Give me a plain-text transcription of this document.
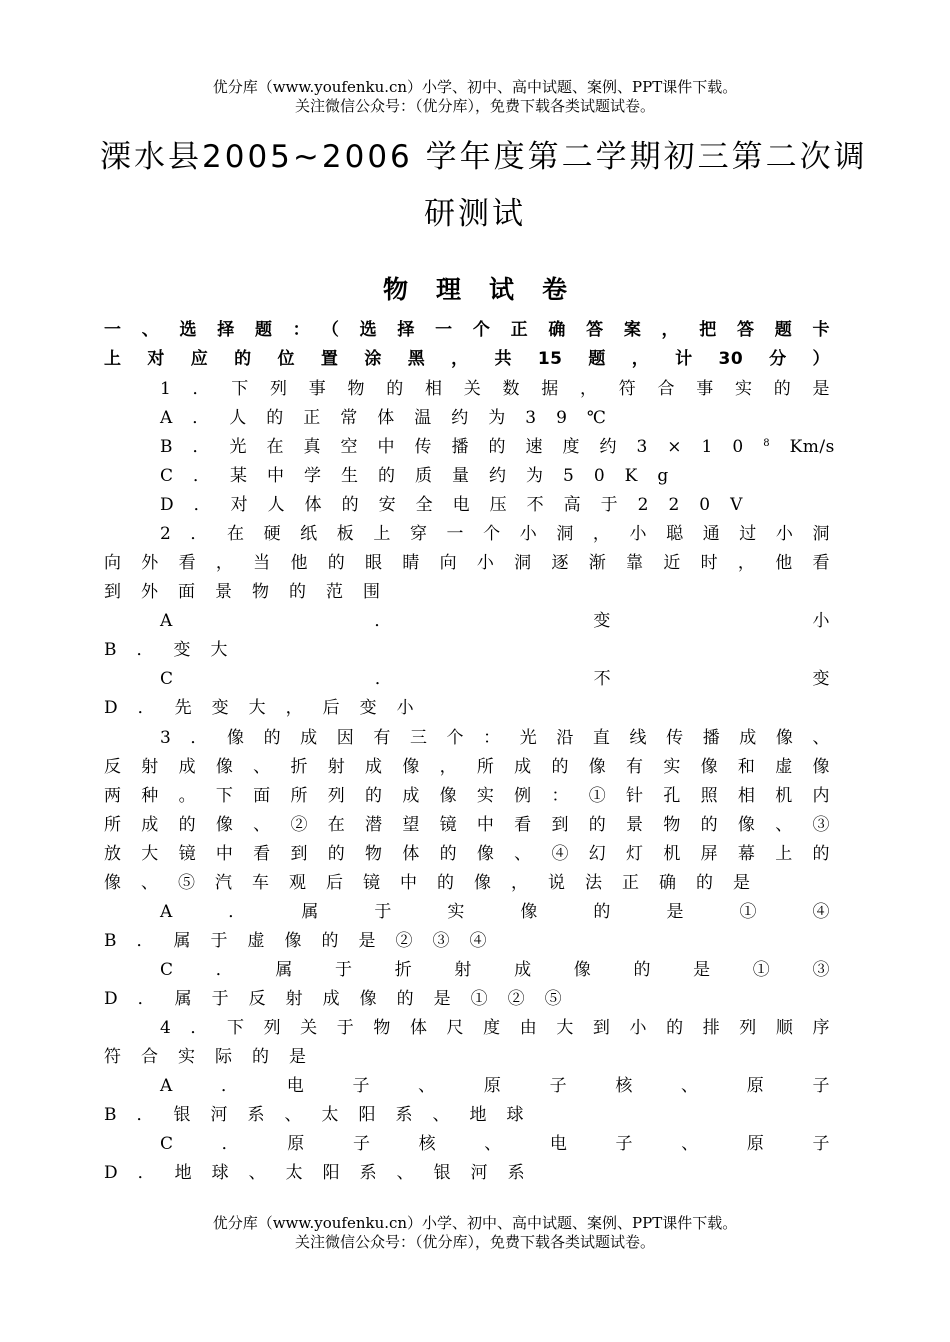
优分库（www.youfenku.cn）小学、初中、高中试题、案例、PPT课件下载。
关注微信公众号：（优分库），免费下载各类试题试卷。
溧水县2005~2006 学年度第二学期初三第二次调
研测试
物理试卷
一、选择题：（选择一个正确答案，把答题卡
上对应的位置涂黑，共15题，计30分）
1．下列事物的相关数据，符合事实的是
A．人的正常体温约为39℃
B．光在真空中传播的速度约$3\times 10^8Km/s$
C．某中学生的质量约为50Kg
D．对人体的安全电压不高于220V
2．在硬纸板上穿一个小洞，小聪通过小洞
向外看，当他的眼睛向小洞逐渐靠近时，他看
到外面景物的范围
A．变小
B．变大
C．不变
D．先变大，后变小
3．像的成因有三个：光沿直线传播成像、
反射成像、折射成像，所成的像有实像和虚像
两种。下面所列的成像实例：①针孔照相机内
所成的像、②在潜望镜中看到的景物的像、③
放大镜中看到的物体的像、④幻灯机屏幕上的
像、⑤汽车观后镜中的像，说法正确的是
A．属于实像的是①④
B．属于虚像的是②③④
C．属于折射成像的是①③
D．属于反射成像的是①②⑤
4．下列关于物体尺度由大到小的排列顺序
符合实际的是
A．电子、原子核、原子
B．银河系、太阳系、地球
C．原子核、电子、原子
D．地球、太阳系、银河系
优分库（www.youfenku.cn）小学、初中、高中试题、案例、PPT课件下载。
关注微信公众号：（优分库），免费下载各类试题试卷。
